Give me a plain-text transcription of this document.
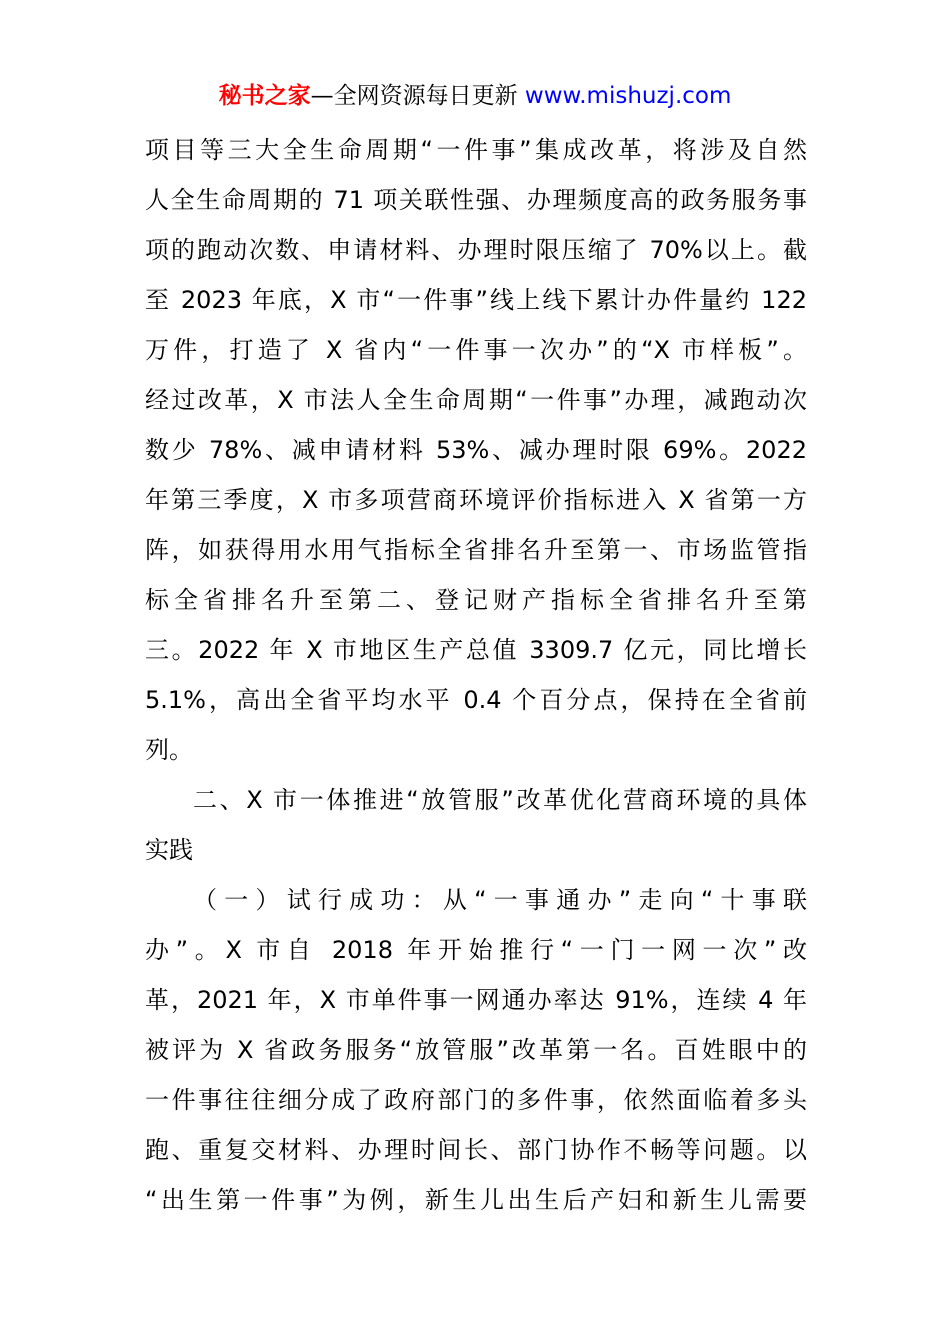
秘书之家—全网资源每日更新 www.mishuzj.com
项目等三大全生命周期“一件事”集成改革，将涉及自然
人全生命周期的 71 项关联性强、办理频度高的政务服务事
项的跑动次数、申请材料、办理时限压缩了 70%以上。截
至 2023 年底，X 市“一件事”线上线下累计办件量约 122
万件，打造了 X 省内“一件事一次办”的“X 市样板”。
经过改革，X 市法人全生命周期“一件事”办理，减跑动次
数少 78%、减申请材料 53%、减办理时限 69%。2022
年第三季度，X 市多项营商环境评价指标进入 X 省第一方
阵，如获得用水用气指标全省排名升至第一、市场监管指
标全省排名升至第二、登记财产指标全省排名升至第
三。2022 年 X 市地区生产总值 3309.7 亿元，同比增长
5.1%，高出全省平均水平 0.4 个百分点，保持在全省前
列。
二、X 市一体推进“放管服”改革优化营商环境的具体
实践
（一）试行成功：从“一事通办”走向“十事联
办”。X 市自 2018 年开始推行“一门一网一次”改
革，2021 年，X 市单件事一网通办率达 91%，连续 4 年
被评为 X 省政务服务“放管服”改革第一名。百姓眼中的
一件事往往细分成了政府部门的多件事，依然面临着多头
跑、重复交材料、办理时间长、部门协作不畅等问题。以
“出生第一件事”为例，新生儿出生后产妇和新生儿需要
